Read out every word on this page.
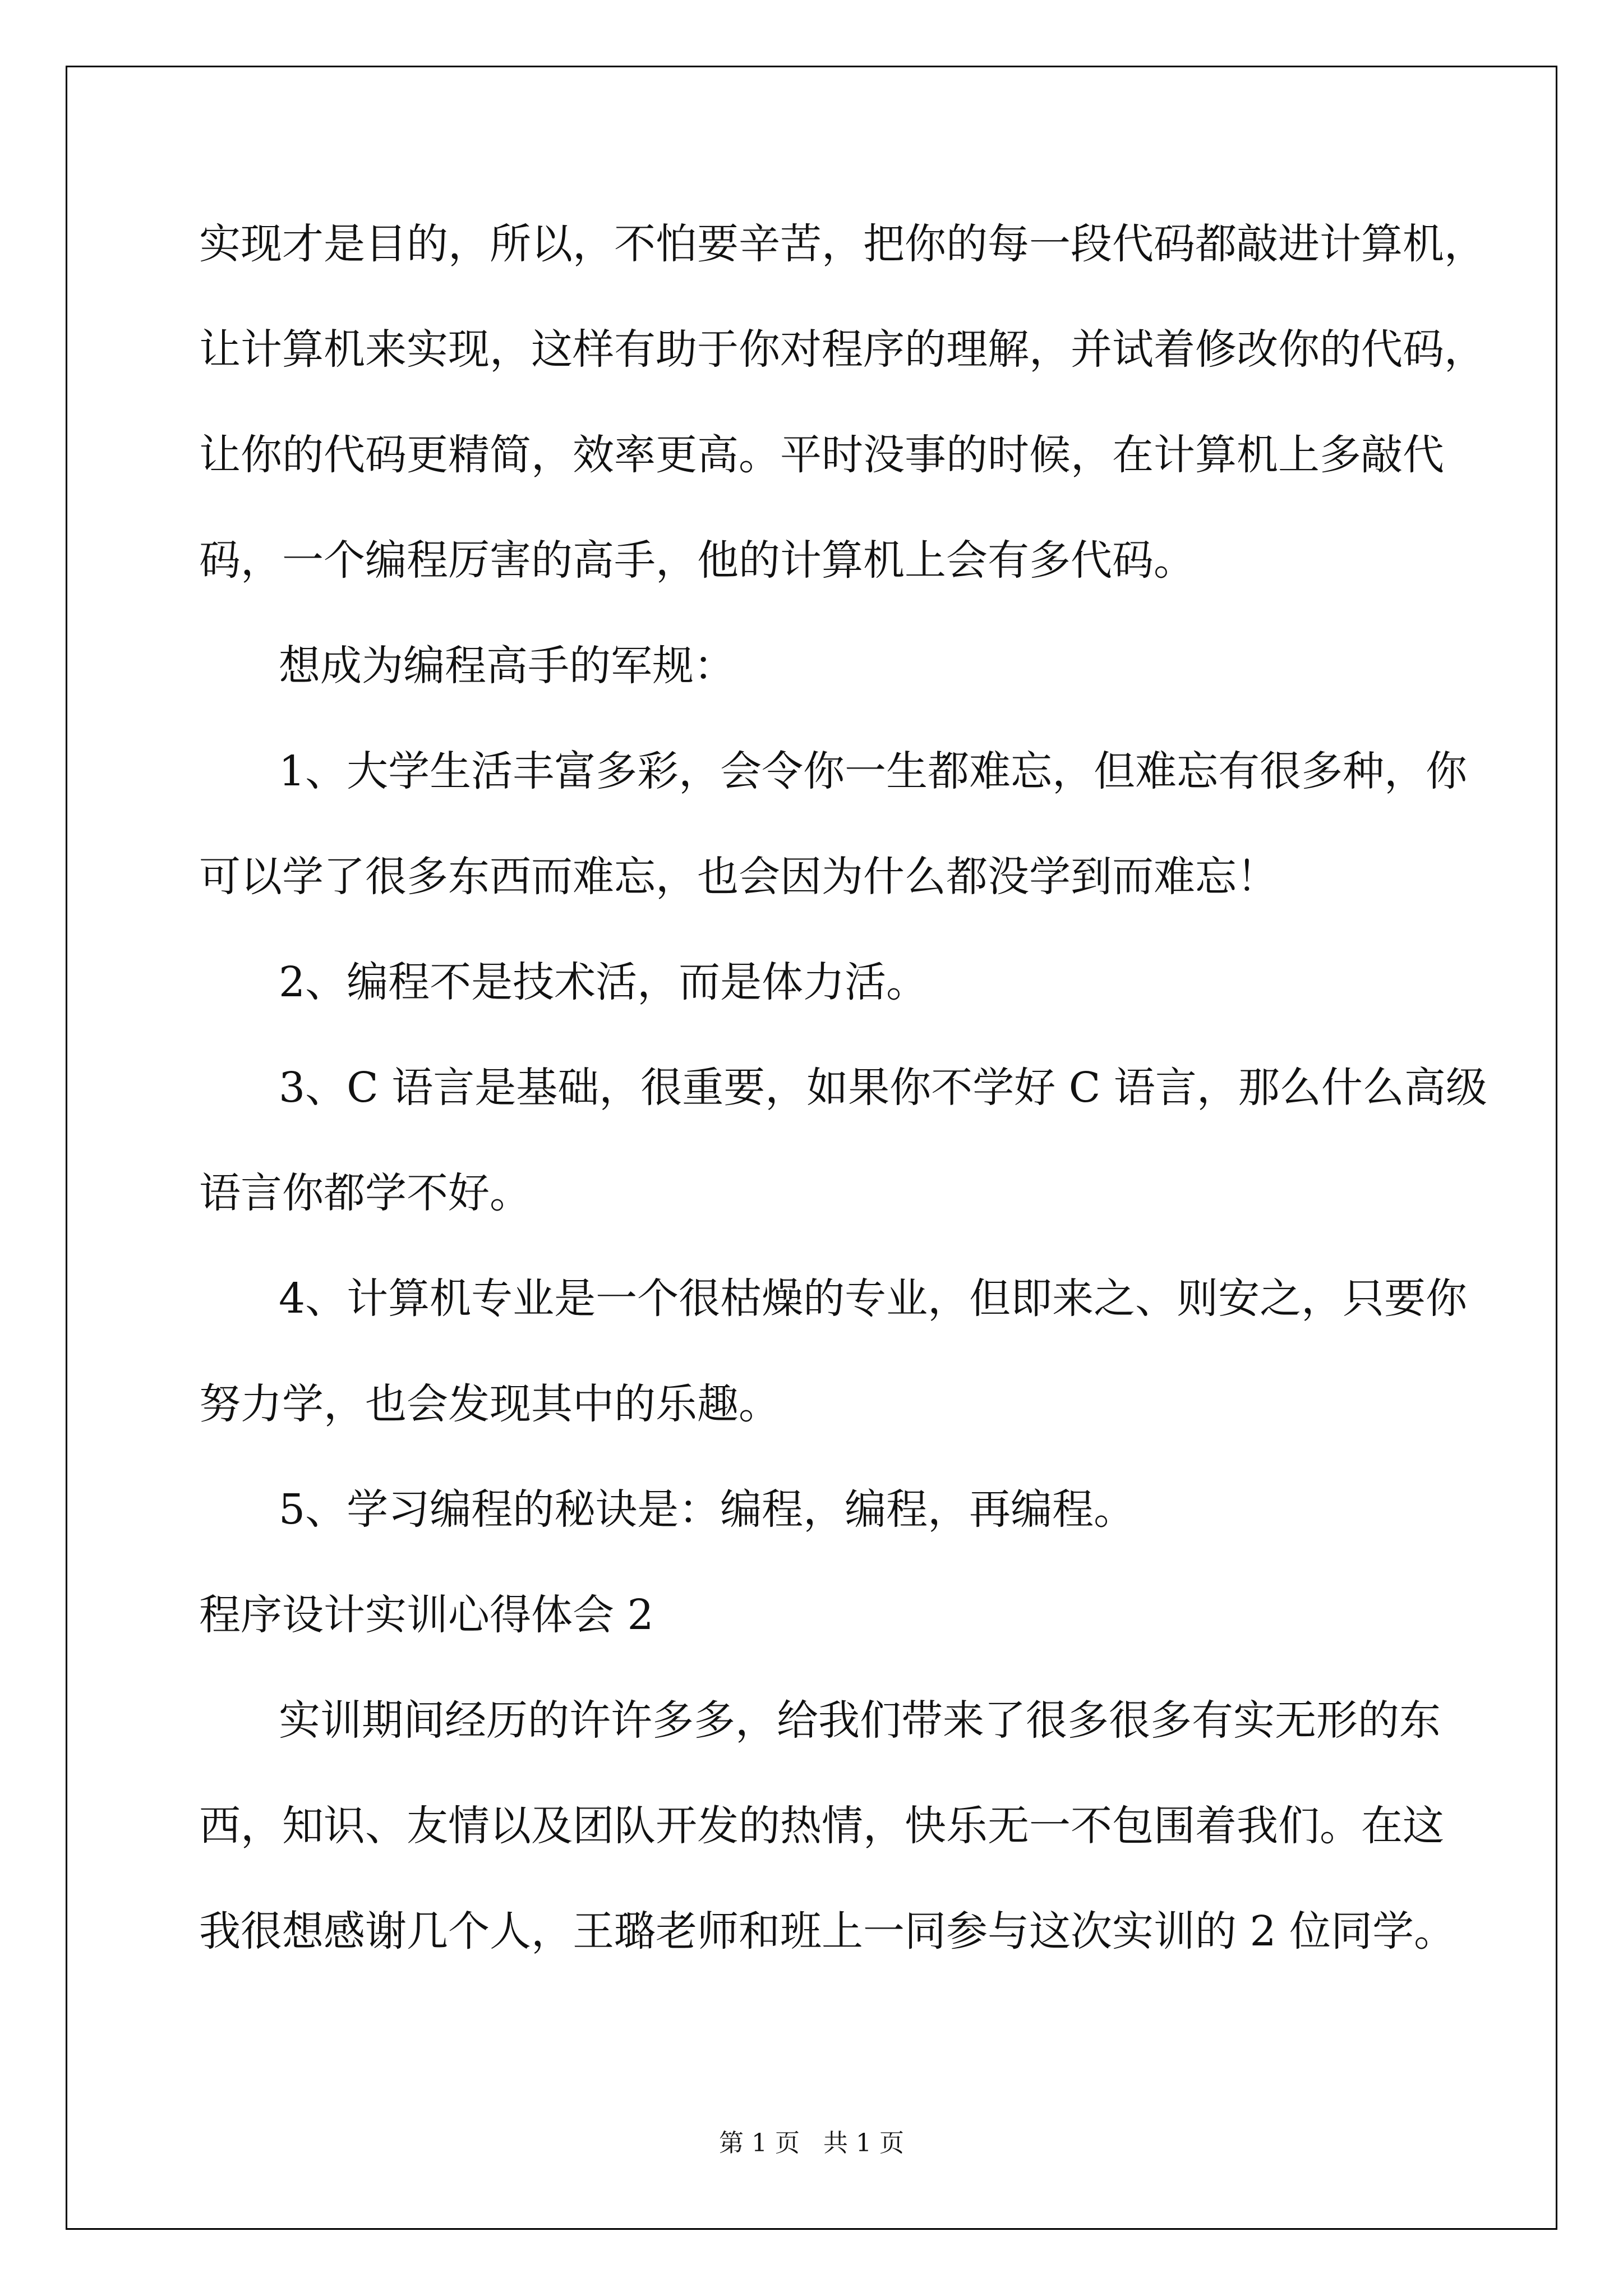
实现才是目的，所以，不怕要辛苦，把你的每一段代码都敲进计算机，
让计算机来实现，这样有助于你对程序的理解，并试着修改你的代码，
让你的代码更精简，效率更高。平时没事的时候，在计算机上多敲代
码，一个编程厉害的高手，他的计算机上会有多代码。
想成为编程高手的军规：
1、大学生活丰富多彩，会令你一生都难忘，但难忘有很多种，你
可以学了很多东西而难忘，也会因为什么都没学到而难忘！
2、编程不是技术活，而是体力活。
3、C 语言是基础，很重要，如果你不学好 C 语言，那么什么高级
语言你都学不好。
4、计算机专业是一个很枯燥的专业，但即来之、则安之，只要你
努力学，也会发现其中的乐趣。
5、学习编程的秘诀是：编程，编程，再编程。
程序设计实训心得体会 2
实训期间经历的许许多多，给我们带来了很多很多有实无形的东
西，知识、友情以及团队开发的热情，快乐无一不包围着我们。在这
我很想感谢几个人，王璐老师和班上一同参与这次实训的 2 位同学。
第 1 页   共 1 页
